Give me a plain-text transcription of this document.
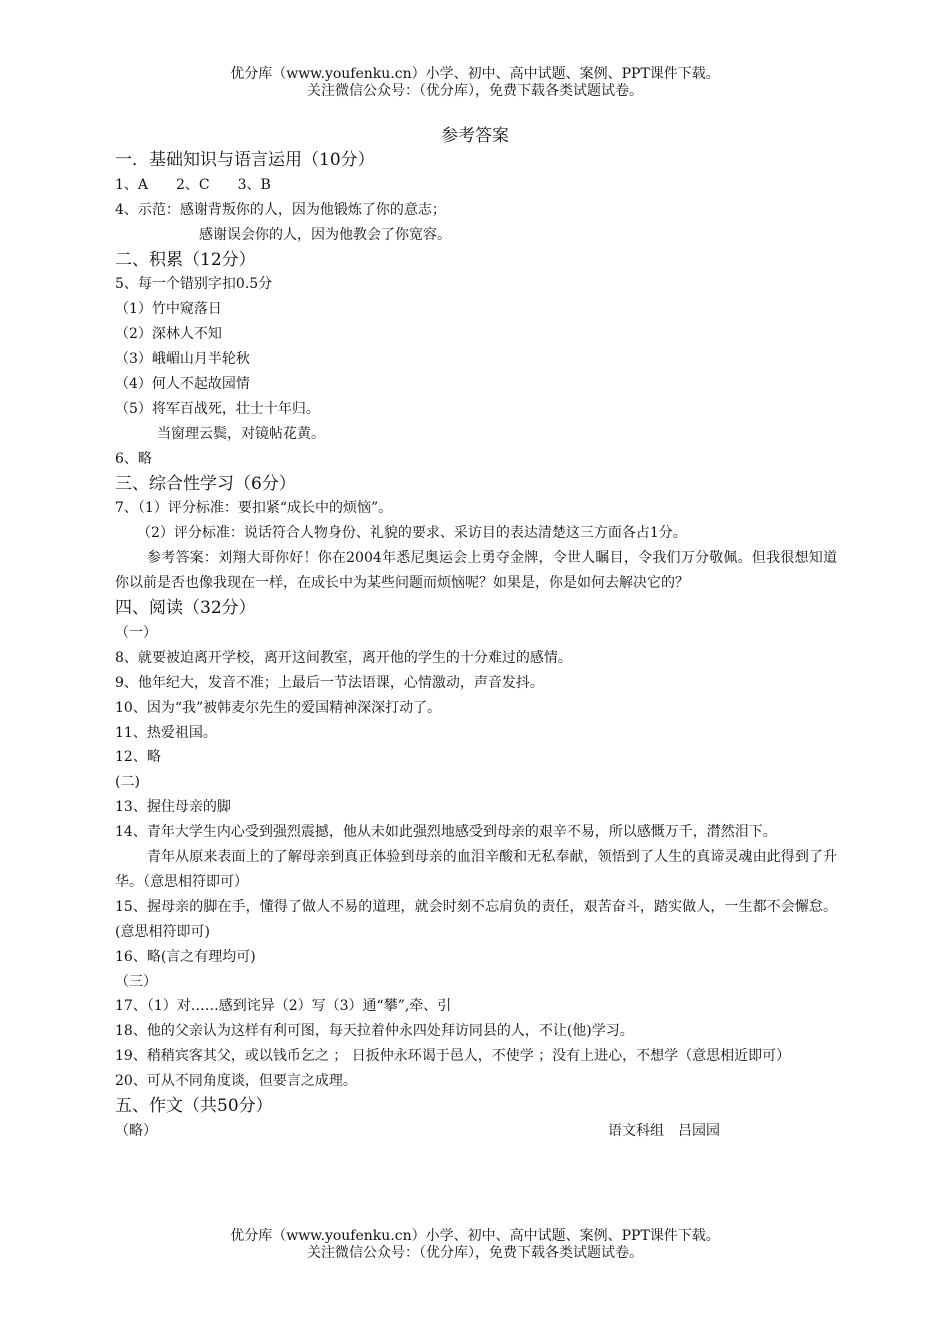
优分库（www.youfenku.cn）小学、初中、高中试题、案例、PPT课件下载。
关注微信公众号：（优分库），免费下载各类试题试卷。
参考答案
一．基础知识与语言运用（10分）
1、A　　2、C　　3、B
4、示范：感谢背叛你的人，因为他锻炼了你的意志；
感谢误会你的人，因为他教会了你宽容。
二、积累（12分）
5、每一个错别字扣0.5分
（1）竹中窥落日
（2）深林人不知
（3）峨嵋山月半轮秋
（4）何人不起故园情
（5）将军百战死，壮士十年归。
当窗理云鬓，对镜帖花黄。
6、略
三、综合性学习（6分）
7、（1）评分标准：要扣紧“成长中的烦恼”。
（2）评分标准：说话符合人物身份、礼貌的要求、采访目的表达清楚这三方面各占1分。
参考答案：刘翔大哥你好！你在2004年悉尼奥运会上勇夺金牌，令世人瞩目，令我们万分敬佩。但我很想知道你以前是否也像我现在一样，在成长中为某些问题而烦恼呢？如果是，你是如何去解决它的？
四、阅读（32分）
（一）
8、就要被迫离开学校，离开这间教室，离开他的学生的十分难过的感情。
9、他年纪大，发音不准；上最后一节法语课，心情激动，声音发抖。
10、因为“我”被韩麦尔先生的爱国精神深深打动了。
11、热爱祖国。
12、略
(二)
13、握住母亲的脚
14、青年大学生内心受到强烈震撼，他从未如此强烈地感受到母亲的艰辛不易，所以感慨万千，潸然泪下。
青年从原来表面上的了解母亲到真正体验到母亲的血泪辛酸和无私奉献，领悟到了人生的真谛灵魂由此得到了升华。（意思相符即可）
15、握母亲的脚在手，懂得了做人不易的道理，就会时刻不忘肩负的责任，艰苦奋斗，踏实做人，一生都不会懈怠。(意思相符即可)
16、略(言之有理均可)
（三）
17、（1）对……感到诧异（2）写（3）通“攀”,牵、引
18、他的父亲认为这样有利可图，每天拉着仲永四处拜访同县的人，不让(他)学习。
19、稍稍宾客其父，或以钱币乞之 ； 日扳仲永环谒于邑人，不使学 ；没有上进心，不想学（意思相近即可）
20、可从不同角度谈，但要言之成理。
五、作文（共50分）
（略）	语文科组　吕园园
优分库（www.youfenku.cn）小学、初中、高中试题、案例、PPT课件下载。
关注微信公众号：（优分库），免费下载各类试题试卷。
